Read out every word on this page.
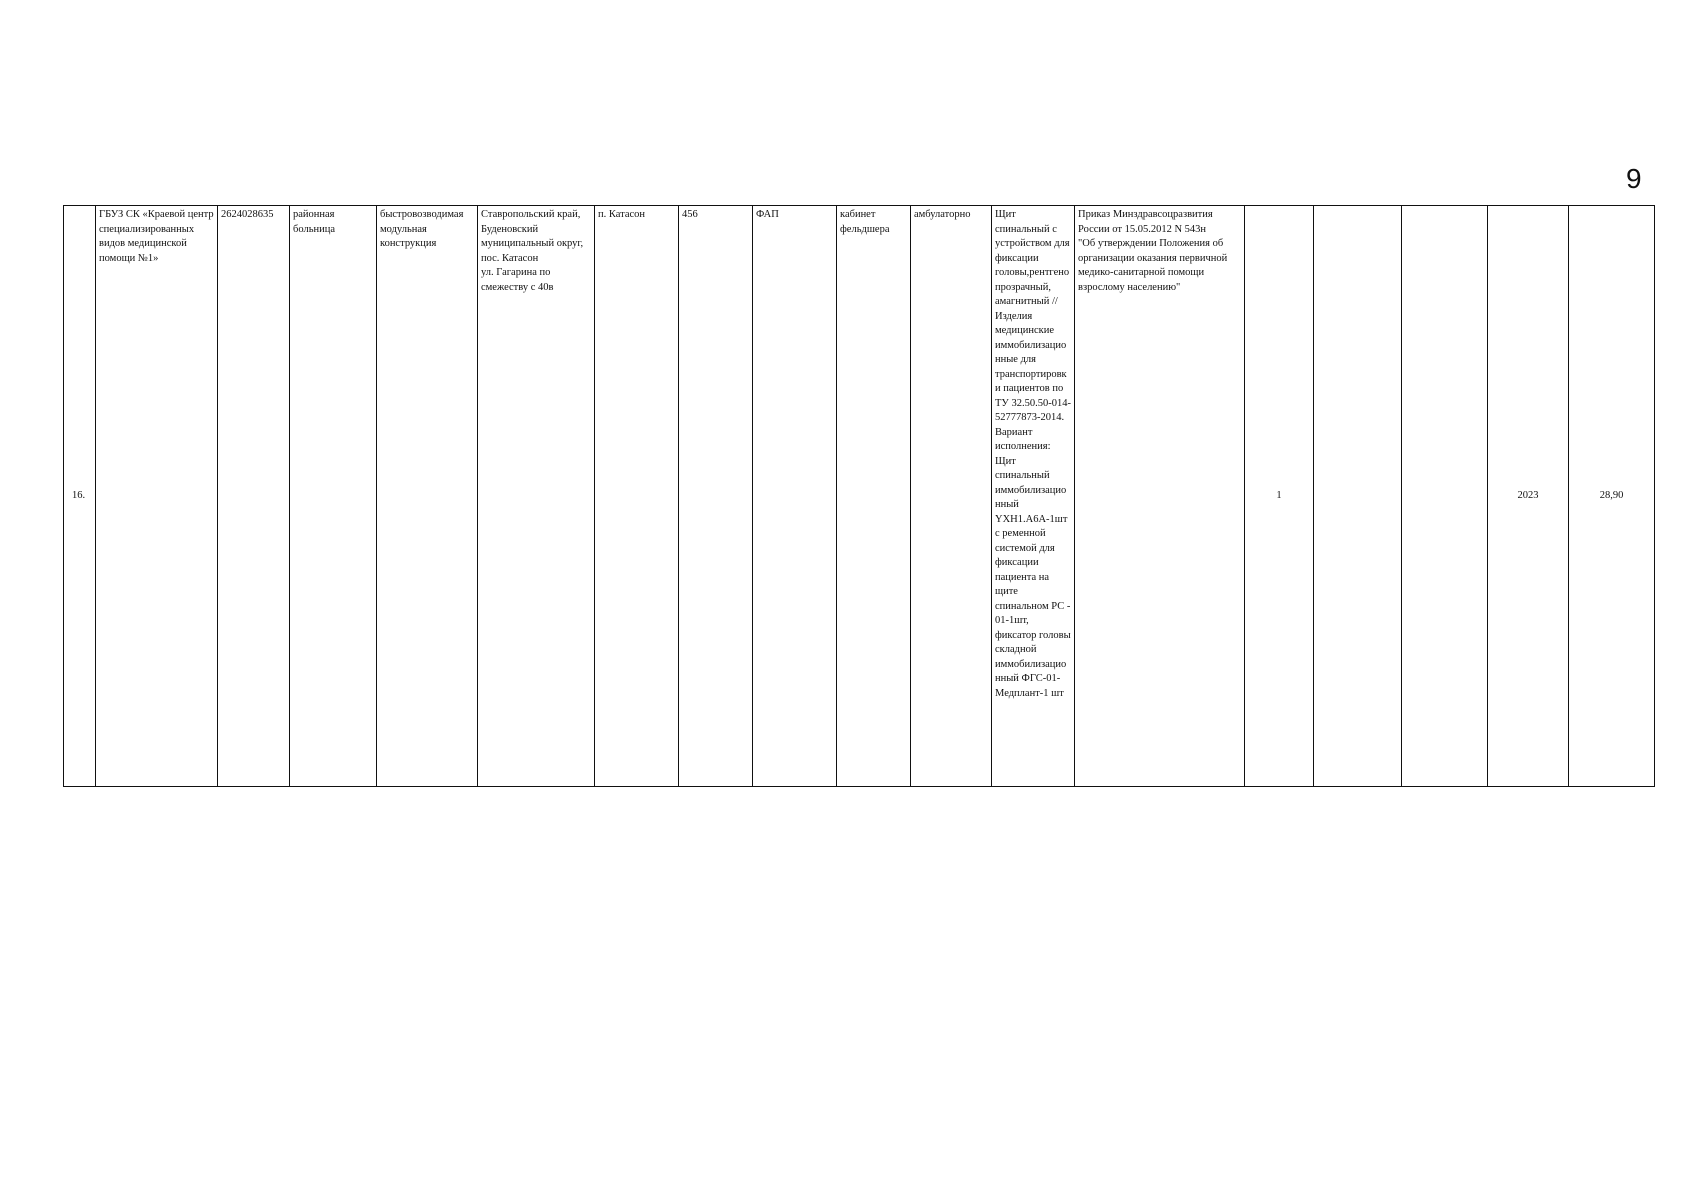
9
16.	ГБУЗ СК «Краевой центр специализированных видов медицинской помощи №1»	2624028635	районная больница	быстровозводимая модульная конструкция	Ставропольский край,
Буденовский
муниципальный округ,
пос. Катасон
ул. Гагарина по смежеству с 40в	п. Катасон	456	ФАП	кабинет фельдшера	амбулаторно	Щит спинальный с устройством для фиксации головы,рентгенопрозрачный, амагнитный //Изделия медицинские иммобилизационные для транспортировки пациентов по ТУ 32.50.50-014-52777873-2014. Вариант исполнения: Щит спинальный иммобилизационный YXH1.A6A-1шт с ременной системой для фиксации пациента на щите спинальном РС - 01-1шт, фиксатор головы складной иммобилизационный ФГС-01-Медплант-1 шт	Приказ Минздравсоцразвития России от 15.05.2012 N 543н
"Об утверждении Положения об организации оказания первичной медико-санитарной помощи взрослому населению"	1			2023	28,90
